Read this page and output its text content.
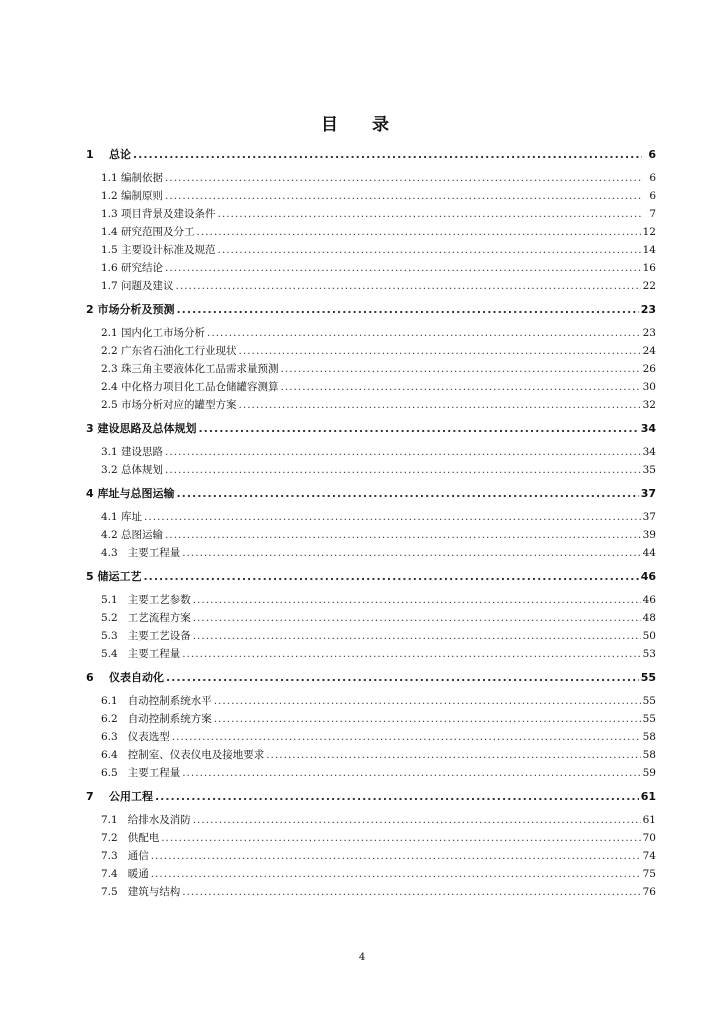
目 录
1    总论 .....	6
1.1 编制依据 .....	6
1.2 编制原则 .....	6
1.3 项目背景及建设条件 .....	7
1.4 研究范围及分工 .....	12
1.5 主要设计标准及规范 .....	14
1.6 研究结论 .....	16
1.7 问题及建议 .....	22
2 市场分析及预测 .....	23
2.1 国内化工市场分析 .....	23
2.2 广东省石油化工行业现状 .....	24
2.3 珠三角主要液体化工品需求量预测 .....	26
2.4 中化格力项目化工品仓储罐容测算 .....	30
2.5 市场分析对应的罐型方案 .....	32
3 建设思路及总体规划 .....	34
3.1 建设思路 .....	34
3.2 总体规划 .....	35
4 库址与总图运输 .....	37
4.1 库址 .....	37
4.2 总图运输 .....	39
4.3   主要工程量 .....	44
5 储运工艺 .....	46
5.1   主要工艺参数 .....	46
5.2   工艺流程方案 .....	48
5.3   主要工艺设备 .....	50
5.4   主要工程量 .....	53
6    仪表自动化 .....	55
6.1   自动控制系统水平 .....	55
6.2   自动控制系统方案 .....	55
6.3   仪表选型 .....	58
6.4   控制室、仪表仪电及接地要求 .....	58
6.5   主要工程量 .....	59
7    公用工程 .....	61
7.1   给排水及消防 .....	61
7.2   供配电 .....	70
7.3   通信 .....	74
7.4   暖通 .....	75
7.5   建筑与结构 .....	76
4
